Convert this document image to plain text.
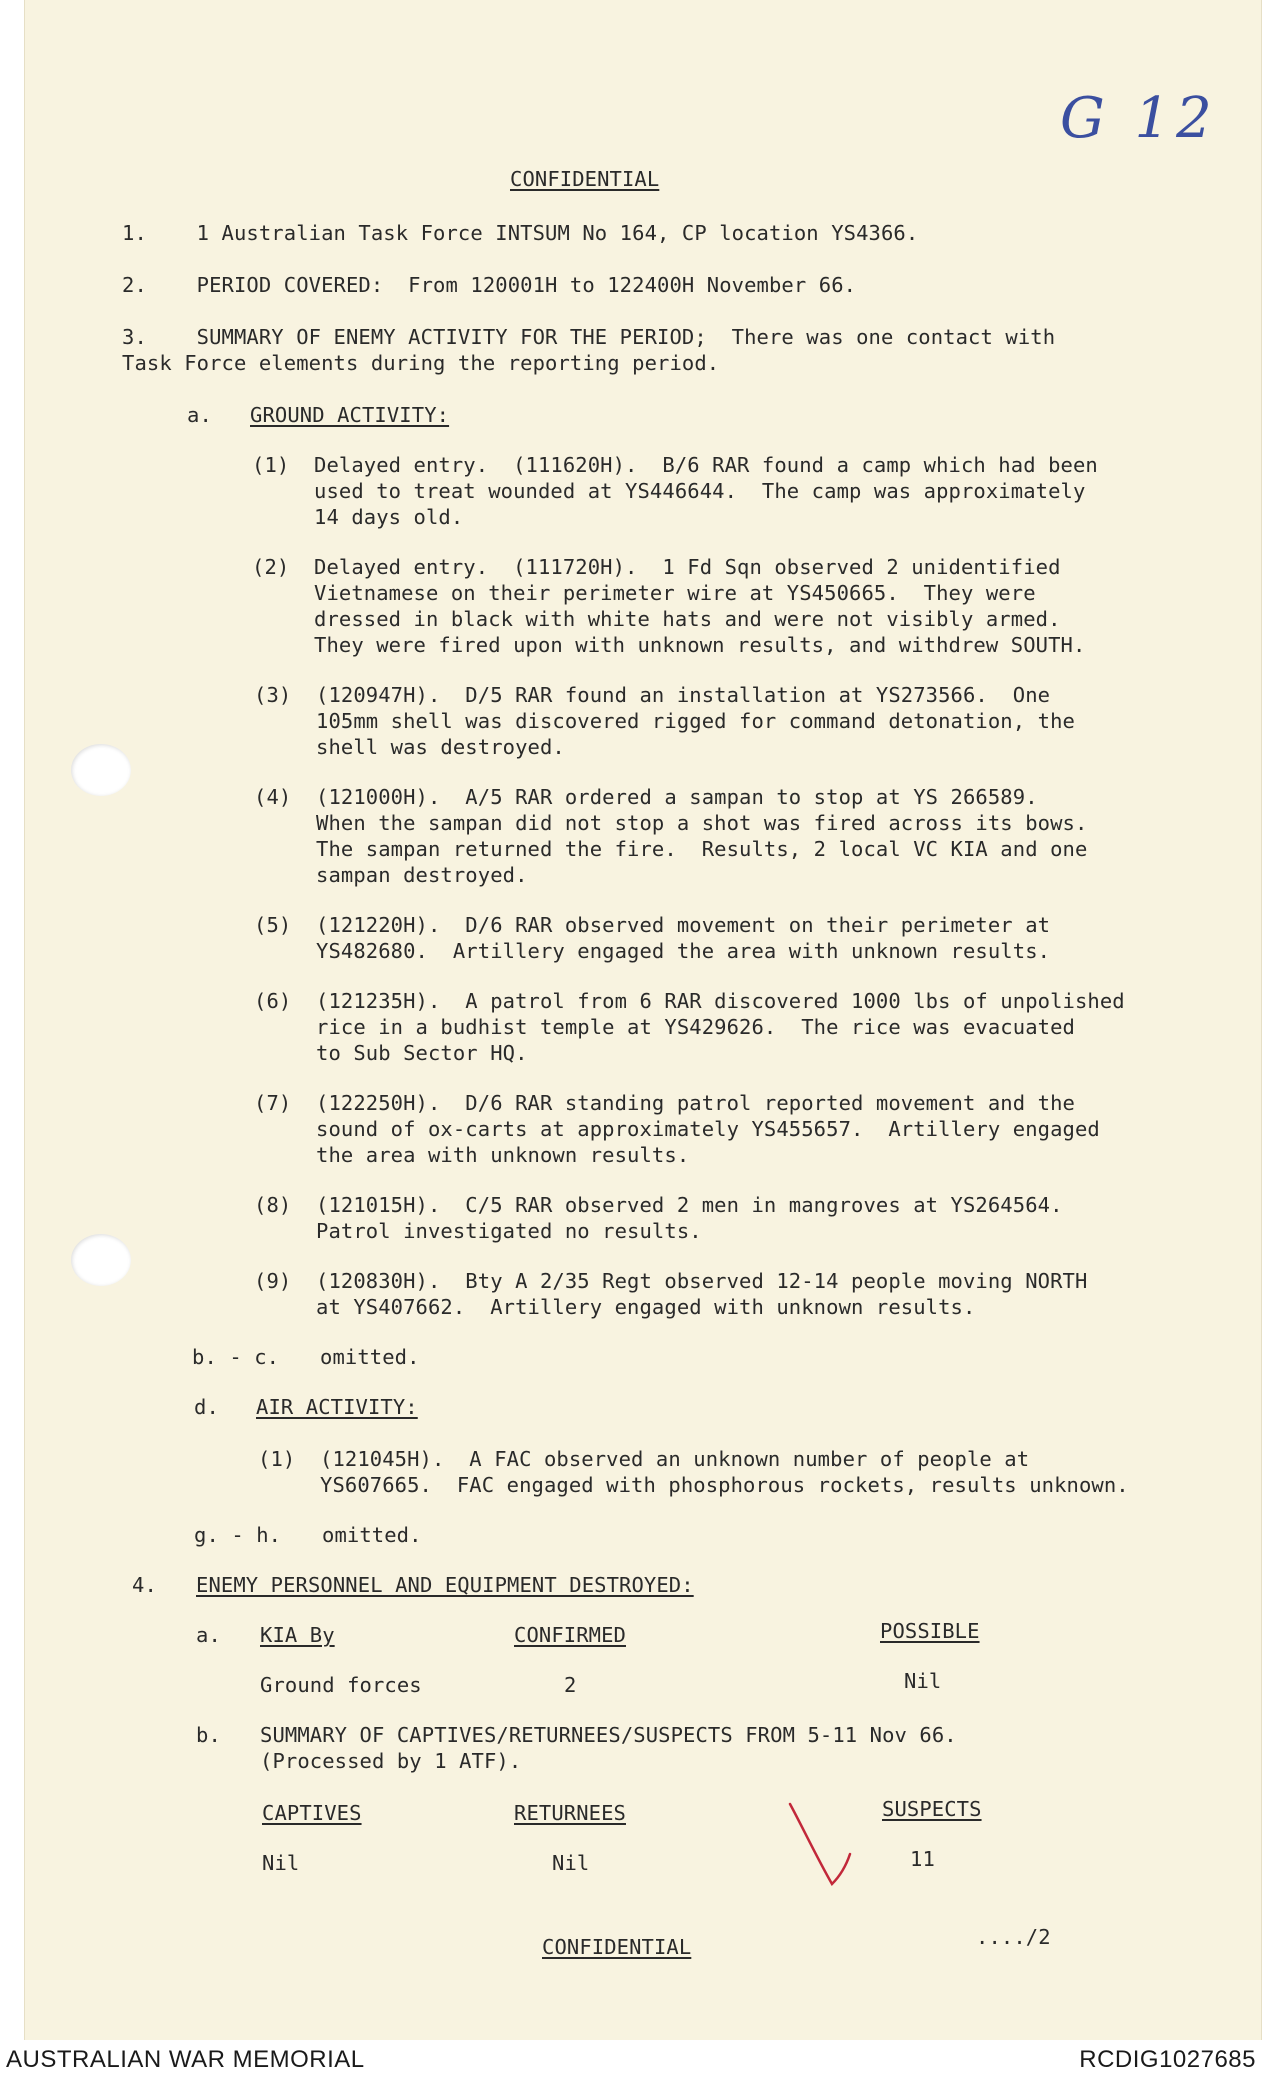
G 12

CONFIDENTIAL

1.    1 Australian Task Force INTSUM No 164, CP location YS4366.

2.    PERIOD COVERED:  From 120001H to 122400H November 66.

3.    SUMMARY OF ENEMY ACTIVITY FOR THE PERIOD;  There was one contact with

Task Force elements during the reporting period.

a. GROUND ACTIVITY:

(1) Delayed entry.  (111620H).  B/6 RAR found a camp which had been

used to treat wounded at YS446644.  The camp was approximately

14 days old.

(2) Delayed entry.  (111720H).  1 Fd Sqn observed 2 unidentified

Vietnamese on their perimeter wire at YS450665.  They were

dressed in black with white hats and were not visibly armed.

They were fired upon with unknown results, and withdrew SOUTH.

(3) (120947H).  D/5 RAR found an installation at YS273566.  One

105mm shell was discovered rigged for command detonation, the

shell was destroyed.

(4) (121000H).  A/5 RAR ordered a sampan to stop at YS 266589.

When the sampan did not stop a shot was fired across its bows.

The sampan returned the fire.  Results, 2 local VC KIA and one

sampan destroyed.

(5) (121220H).  D/6 RAR observed movement on their perimeter at

YS482680.  Artillery engaged the area with unknown results.

(6) (121235H).  A patrol from 6 RAR discovered 1000 lbs of unpolished

rice in a budhist temple at YS429626.  The rice was evacuated

to Sub Sector HQ.

(7) (122250H).  D/6 RAR standing patrol reported movement and the

sound of ox-carts at approximately YS455657.  Artillery engaged

the area with unknown results.

(8) (121015H).  C/5 RAR observed 2 men in mangroves at YS264564.

Patrol investigated no results.

(9) (120830H).  Bty A 2/35 Regt observed 12-14 people moving NORTH

at YS407662.  Artillery engaged with unknown results.

b. - c. omitted.

d. AIR ACTIVITY:

(1) (121045H).  A FAC observed an unknown number of people at

YS607665.  FAC engaged with phosphorous rockets, results unknown.

g. - h. omitted.

4. ENEMY PERSONNEL AND EQUIPMENT DESTROYED:

a. KIA By	CONFIRMED	POSSIBLE

Ground forces	2	Nil

b. SUMMARY OF CAPTIVES/RETURNEES/SUSPECTS FROM 5-11 Nov 66.

(Processed by 1 ATF).

CAPTIVES	RETURNEES	SUSPECTS

Nil	Nil	11

CONFIDENTIAL	..../2

AUSTRALIAN WAR MEMORIAL	RCDIG1027685
